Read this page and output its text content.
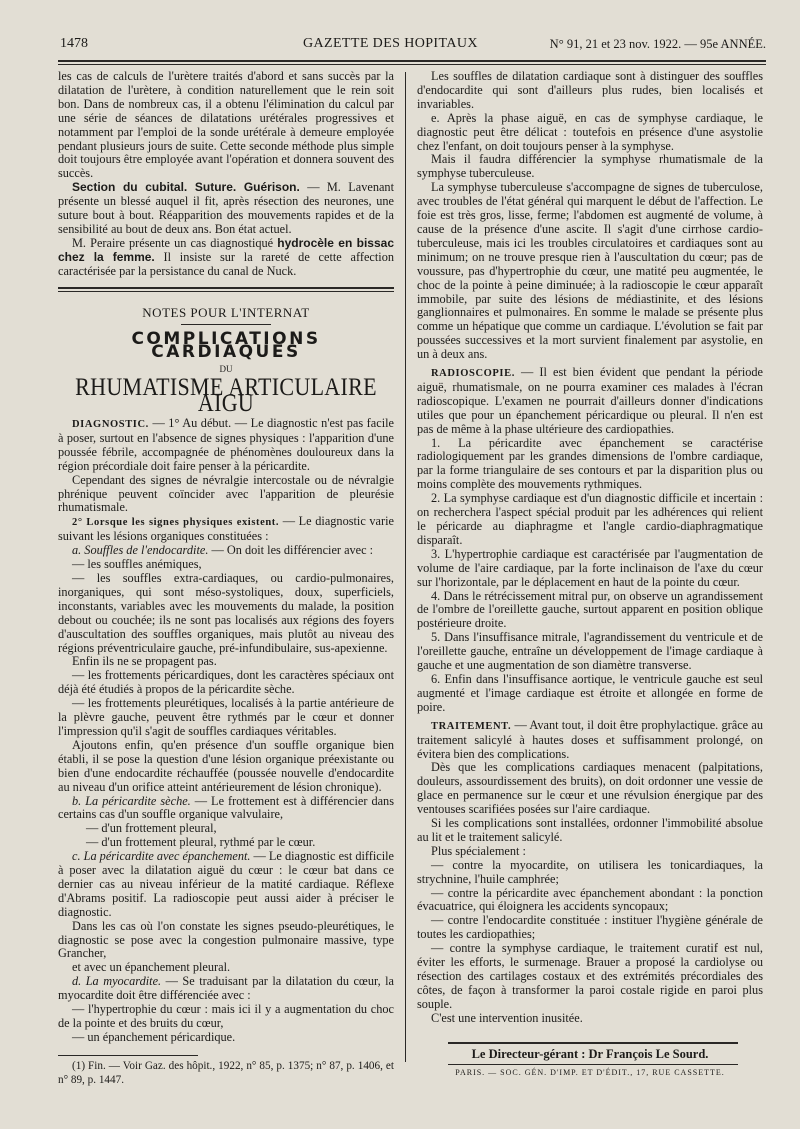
1478	GAZETTE DES HOPITAUX	N° 91, 21 et 23 nov. 1922. — 95e ANNÉE.

les cas de calculs de l'urètere traités d'abord et sans succès par la dilatation de l'urètere, à condition naturellement que le rein soit bon. Dans de nombreux cas, il a obtenu l'élimination du calcul par une série de séances de dilatations urétérales progressives et notamment par l'emploi de la sonde urétérale à demeure employée pendant plusieurs jours de suite. Cette seconde méthode plus simple doit toujours être employée avant l'opération et donnera souvent des succès.

Section du cubital. Suture. Guérison. — M. Lavenant présente un blessé auquel il fit, après résection des neurones, une suture bout à bout. Réapparition des mouvements rapides et de la sensibilité au bout de deux ans. Bon état actuel.

M. Peraire présente un cas diagnostiqué hydrocèle en bissac chez la femme. Il insiste sur la rareté de cette affection caractérisée par la persistance du canal de Nuck.

NOTES POUR L'INTERNAT

COMPLICATIONS CARDIAQUES

DU

RHUMATISME ARTICULAIRE AIGU

DIAGNOSTIC. — 1° Au début. — Le diagnostic n'est pas facile à poser, surtout en l'absence de signes physiques : l'apparition d'une poussée fébrile, accompagnée de phénomènes douloureux dans la région précordiale doit faire penser à la péricardite.

Cependant des signes de névralgie intercostale ou de névralgie phrénique peuvent coïncider avec l'apparition de pleurésie rhumatismale.

2° Lorsque les signes physiques existent. — Le diagnostic varie suivant les lésions organiques constituées :

a. Souffles de l'endocardite. — On doit les différencier avec :

— les souffles anémiques,

— les souffles extra-cardiaques, ou cardio-pulmonaires, inorganiques, qui sont méso-systoliques, doux, superficiels, inconstants, variables avec les mouvements du malade, la position debout ou couchée; ils ne sont pas localisés aux régions des foyers d'auscultation des souffles organiques, mais plutôt au niveau des régions préventriculaire gauche, pré-infundibulaire, sus-apexienne.

Enfin ils ne se propagent pas.

— les frottements péricardiques, dont les caractères spéciaux ont déjà été étudiés à propos de la péricardite sèche.

— les frottements pleurétiques, localisés à la partie antérieure de la plèvre gauche, peuvent être rythmés par le cœur et donner l'impression qu'il s'agit de souffles cardiaques véritables.

Ajoutons enfin, qu'en présence d'un souffle organique bien établi, il se pose la question d'une lésion organique préexistante ou bien d'une endocardite réchauffée (poussée nouvelle d'endocardite au niveau d'un orifice atteint antérieurement de lésion chronique).

b. La péricardite sèche. — Le frottement est à différencier dans certains cas d'un souffle organique valvulaire,

— d'un frottement pleural,

— d'un frottement pleural, rythmé par le cœur.

c. La péricardite avec épanchement. — Le diagnostic est difficile à poser avec la dilatation aiguë du cœur : le cœur bat dans ce dernier cas au niveau inférieur de la matité cardiaque. Réflexe d'Abrams positif. La radioscopie peut aussi aider à préciser le diagnostic.

Dans les cas où l'on constate les signes pseudo-pleurétiques, le diagnostic se pose avec la congestion pulmonaire massive, type Grancher,

et avec un épanchement pleural.

d. La myocardite. — Se traduisant par la dilatation du cœur, la myocardite doit être différenciée avec :

— l'hypertrophie du cœur : mais ici il y a augmentation du choc de la pointe et des bruits du cœur,

— un épanchement péricardique.

(1) Fin. — Voir Gaz. des hôpit., 1922, n° 85, p. 1375; n° 87, p. 1406, et n° 89, p. 1447.

Les souffles de dilatation cardiaque sont à distinguer des souffles d'endocardite qui sont d'ailleurs plus rudes, bien localisés et invariables.

e. Après la phase aiguë, en cas de symphyse cardiaque, le diagnostic peut être délicat : toutefois en présence d'une asystolie chez l'enfant, on doit toujours penser à la symphyse.

Mais il faudra différencier la symphyse rhumatismale de la symphyse tuberculeuse.

La symphyse tuberculeuse s'accompagne de signes de tuberculose, avec troubles de l'état général qui marquent le début de l'affection. Le foie est très gros, lisse, ferme; l'abdomen est augmenté de volume, à cause de la présence d'une ascite. Il s'agit d'une cirrhose cardio-tuberculeuse, mais ici les troubles circulatoires et cardiaques sont au minimum; on ne trouve presque rien à l'auscultation du cœur; pas de voussure, pas d'hypertrophie du cœur, une matité peu augmentée, le choc de la pointe à peine diminuée; à la radioscopie le cœur apparaît immobile, par suite des lésions de médiastinite, et des lésions ganglionnaires et pulmonaires. En somme le malade se présente plus comme un hépatique que comme un cardiaque. L'évolution se fait par poussées successives et la mort survient finalement par asystolie, en un à deux ans.

RADIOSCOPIE. — Il est bien évident que pendant la période aiguë, rhumatismale, on ne pourra examiner ces malades à l'écran radioscopique. L'examen ne pourrait d'ailleurs donner d'indications utiles que pour un épanchement péricardique ou pleural. Il n'en est pas de même à la phase ultérieure des cardiopathies.

1. La péricardite avec épanchement se caractérise radiologiquement par les grandes dimensions de l'ombre cardiaque, par la forme triangulaire de ses contours et par la disparition plus ou moins complète des mouvements rythmiques.

2. La symphyse cardiaque est d'un diagnostic difficile et incertain : on recherchera l'aspect spécial produit par les adhérences qui relient le péricarde au diaphragme et l'angle cardio-diaphragmatique disparaît.

3. L'hypertrophie cardiaque est caractérisée par l'augmentation de volume de l'aire cardiaque, par la forte inclinaison de l'axe du cœur sur l'horizontale, par le déplacement en haut de la pointe du cœur.

4. Dans le rétrécissement mitral pur, on observe un agrandissement de l'ombre de l'oreillette gauche, surtout apparent en position oblique postérieure droite.

5. Dans l'insuffisance mitrale, l'agrandissement du ventricule et de l'oreillette gauche, entraîne un développement de l'image cardiaque à gauche et une augmentation de son diamètre transverse.

6. Enfin dans l'insuffisance aortique, le ventricule gauche est seul augmenté et l'image cardiaque est étroite et allongée en forme de poire.

TRAITEMENT. — Avant tout, il doit être prophylactique. grâce au traitement salicylé à hautes doses et suffisamment prolongé, on évitera bien des complications.

Dès que les complications cardiaques menacent (palpitations, douleurs, assourdissement des bruits), on doit ordonner une vessie de glace en permanence sur le cœur et une révulsion énergique par des ventouses scarifiées posées sur l'aire cardiaque.

Si les complications sont installées, ordonner l'immobilité absolue au lit et le traitement salicylé.

Plus spécialement :

— contre la myocardite, on utilisera les tonicardiaques, la strychnine, l'huile camphrée;

— contre la péricardite avec épanchement abondant : la ponction évacuatrice, qui éloignera les accidents syncopaux;

— contre l'endocardite constituée : instituer l'hygiène générale de toutes les cardiopathies;

— contre la symphyse cardiaque, le traitement curatif est nul, éviter les efforts, le surmenage. Brauer a proposé la cardiolyse ou résection des cartilages costaux et des extrémités précordiales des côtes, de façon à transformer la paroi costale rigide en paroi plus souple.

C'est une intervention inusitée.

Le Directeur-gérant : Dr François Le Sourd.
PARIS. — SOC. GÉN. D'IMP. ET D'ÉDIT., 17, RUE CASSETTE.
